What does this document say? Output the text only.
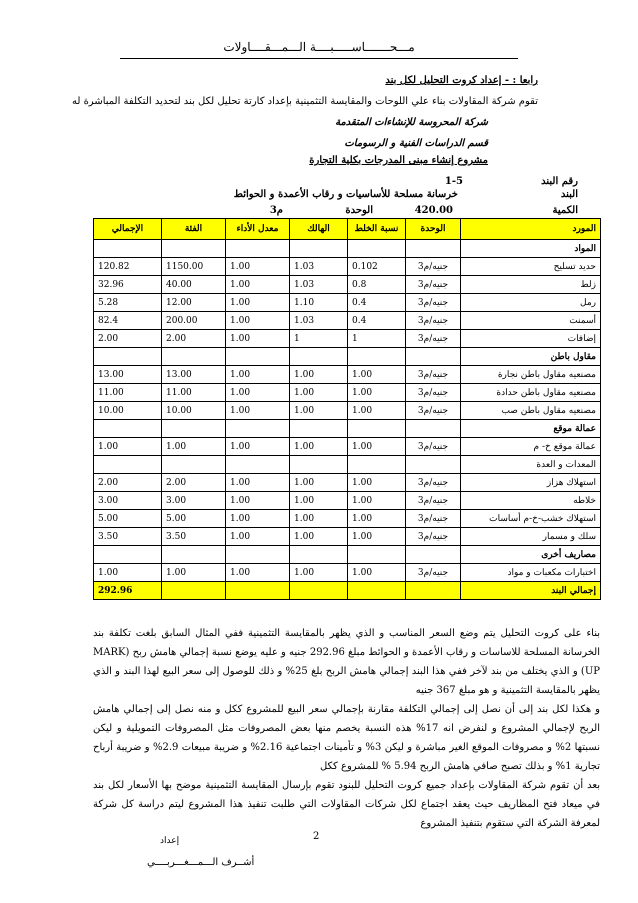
مـــحـــــــاســـــبــــة الـــمـــقــــاولات
رابعا : - إعداد كروت التحليل لكل بند
تقوم شركة المقاولات بناء علي اللوحات والمقايسة التثمينية بإعداد كارتة تحليل لكل بند لتحديد التكلفة المباشرة له
شركة المحروسة للإنشاءات المتقدمة
قسم الدراسات الفنية و الرسومات
مشروع إنشاء مبنى المدرجات بكلية التجارة
رقم البند
1-5
البند
خرسانة مسلحة للأساسيات و رقاب الأعمدة و الحوائط
الكمية
420.00
الوحدة
م3
المورد	الوحدة	نسبة الخلط	الهالك	معدل الأداء	الفئة	الإجمالي
المواد						
حديد تسليح	جنيه/م3	0.102	1.03	1.00	1150.00	120.82
زلط	جنيه/م3	0.8	1.03	1.00	40.00	32.96
رمل	جنيه/م3	0.4	1.10	1.00	12.00	5.28
أسمنت	جنيه/م3	0.4	1.03	1.00	200.00	82.4
إضافات	جنيه/م3	1	1	1.00	2.00	2.00
مقاول باطن						
مصنعيه مقاول باطن نجارة	جنيه/م3	1.00	1.00	1.00	13.00	13.00
مصنعيه مقاول باطن حدادة	جنيه/م3	1.00	1.00	1.00	11.00	11.00
مصنعيه مقاول باطن صب	جنيه/م3	1.00	1.00	1.00	10.00	10.00
عمالة موقع						
عمالة موقع خ- م	جنيه/م3	1.00	1.00	1.00	1.00	1.00
المعدات و العدة						
استهلاك هزاز	جنيه/م3	1.00	1.00	1.00	2.00	2.00
خلاطه	جنيه/م3	1.00	1.00	1.00	3.00	3.00
استهلاك خشب-خ-م أساسات	جنيه/م3	1.00	1.00	1.00	5.00	5.00
سلك و مسمار	جنيه/م3	1.00	1.00	1.00	3.50	3.50
مصاريف أخرى						
اختبارات مكعبات و مواد	جنيه/م3	1.00	1.00	1.00	1.00	1.00
إجمالي البند						292.96

بناء على كروت التحليل يتم وضع السعر المناسب و الذي يظهر بالمقايسة التثمينية ففي المثال السابق بلغت تكلفة بند الخرسانة المسلحة للاساسات و رقاب الأعمدة و الحوائط مبلغ 292.96 جنيه و عليه يوضع نسبة إجمالي هامش ربح (MARK UP) و الذي يختلف من بند لآخر ففي هذا البند إجمالي هامش الربح بلغ 25% و ذلك للوصول إلى سعر البيع لهذا البند و الذي يظهر بالمقايسة التثمينية و هو مبلغ 367 جنيه

و هكذا لكل بند إلى أن نصل إلى إجمالي التكلفة مقارنة بإجمالي سعر البيع للمشروع ككل و منه نصل إلى إجمالي هامش الربح لإجمالي المشروع و لنفرض انه 17% هذه النسبة يخصم منها بعض المصروفات مثل المصروفات التمويلية و ليكن نسبتها 2% و مصروفات الموقع الغير مباشرة و ليكن 3% و تأمينات اجتماعية 2.16% و ضريبة مبيعات 2.9% و ضريبة أرباح تجارية 1% و بذلك تصبح صافي هامش الربح 5.94 % للمشروع ككل

بعد أن تقوم شركة المقاولات بإعداد جميع كروت التحليل للبنود تقوم بإرسال المقايسة التثمينية موضح بها الأسعار لكل بند في ميعاد فتح المظاريف حيث يعقد اجتماع لكل شركات المقاولات التي طلبت تنفيذ هذا المشروع ليتم دراسة كل شركة لمعرفة الشركة التي ستقوم بتنفيذ المشروع

2
إعداد
أشــرف الـــمـــغـــربــــي
